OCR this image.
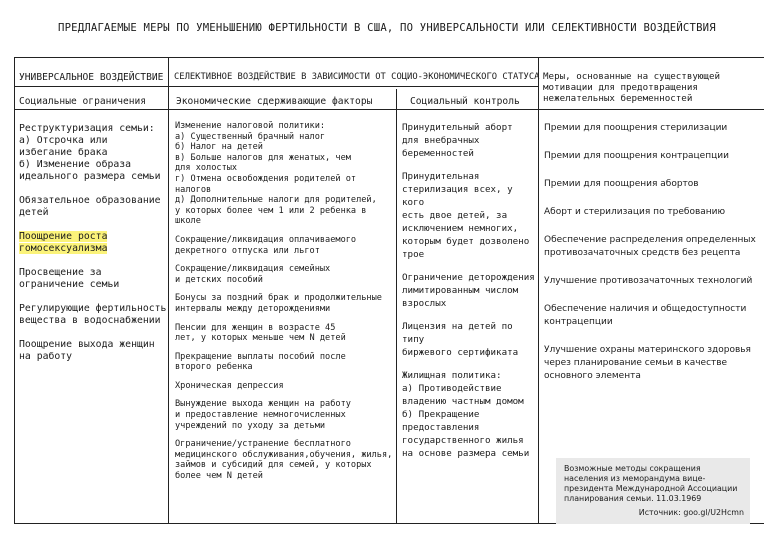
ПРЕДЛАГАЕМЫЕ МЕРЫ ПО УМЕНЬШЕНИЮ ФЕРТИЛЬНОСТИ В США, ПО УНИВЕРСАЛЬНОСТИ ИЛИ СЕЛЕКТИВНОСТИ ВОЗДЕЙСТВИЯ
УНИВЕРСАЛЬНОЕ ВОЗДЕЙСТВИЕ СЕЛЕКТИВНОЕ ВОЗДЕЙСТВИЕ В ЗАВИСИМОСТИ ОТ СОЦИО-ЭКОНОМИЧЕСКОГО СТАТУСА Меры, основанные на существующей мотивации для предотвращения нежелательных беременностей
Социальные ограничения	Экономические сдерживающие факторы	Социальный контроль
Реструктуризация семьи:
а) Отсрочка или
избегание брака
б) Изменение образа
идеального размера семьи
Обязательное образование
детей
Поощрение роста
гомосексуализма
Просвещение за
ограничение семьи
Регулирующие фертильность
вещества в водоснабжении
Поощрение выхода женщин
на работу
Изменение налоговой политики:
а) Существенный брачный налог
б) Налог на детей
в) Больше налогов для женатых, чем
для холостых
г) Отмена освобождения родителей от налогов
д) Дополнительные налоги для родителей,
у которых более чем 1 или 2 ребенка в школе
Сокращение/ликвидация оплачиваемого
декретного отпуска или льгот
Сокращение/ликвидация семейных
и детских пособий
Бонусы за поздний брак и продолжительные
интервалы между деторождениями
Пенсии для женщин в возрасте 45
лет, у которых меньше чем N детей
Прекращение выплаты пособий после
второго ребенка
Хроническая депрессия
Вынуждение выхода женщин на работу
и предоставление немногочисленных
учреждений по уходу за детьми
Ограничение/устранение бесплатного
медицинского обслуживания,обучения, жилья,
займов и субсидий для семей, у которых
более чем N детей
Принудительный аборт
для внебрачных
беременностей
Принудительная
стерилизация всех, у кого
есть двое детей, за
исключением немногих,
которым будет дозволено
трое
Ограничение деторождения
лимитированным числом
взрослых
Лицензия на детей по типу
биржевого сертификата
Жилищная политика:
а) Противодействие
владению частным домом
б) Прекращение
предоставления
государственного жилья
на основе размера семьи
Премии для поощрения стерилизации
Премии для поощрения контрацепции
Премии для поощрения абортов
Аборт и стерилизация по требованию
Обеспечение распределения определенных противозачаточных средств без рецепта
Улучшение противозачаточных технологий
Обеспечение наличия и общедоступности контрацепции
Улучшение охраны материнского здоровья через планирование семьи в качестве основного элемента
Возможные методы сокращения населения из меморандума вице-президента Международной Ассоциации планирования семьи. 11.03.1969
Источник: goo.gl/U2Hcmn
